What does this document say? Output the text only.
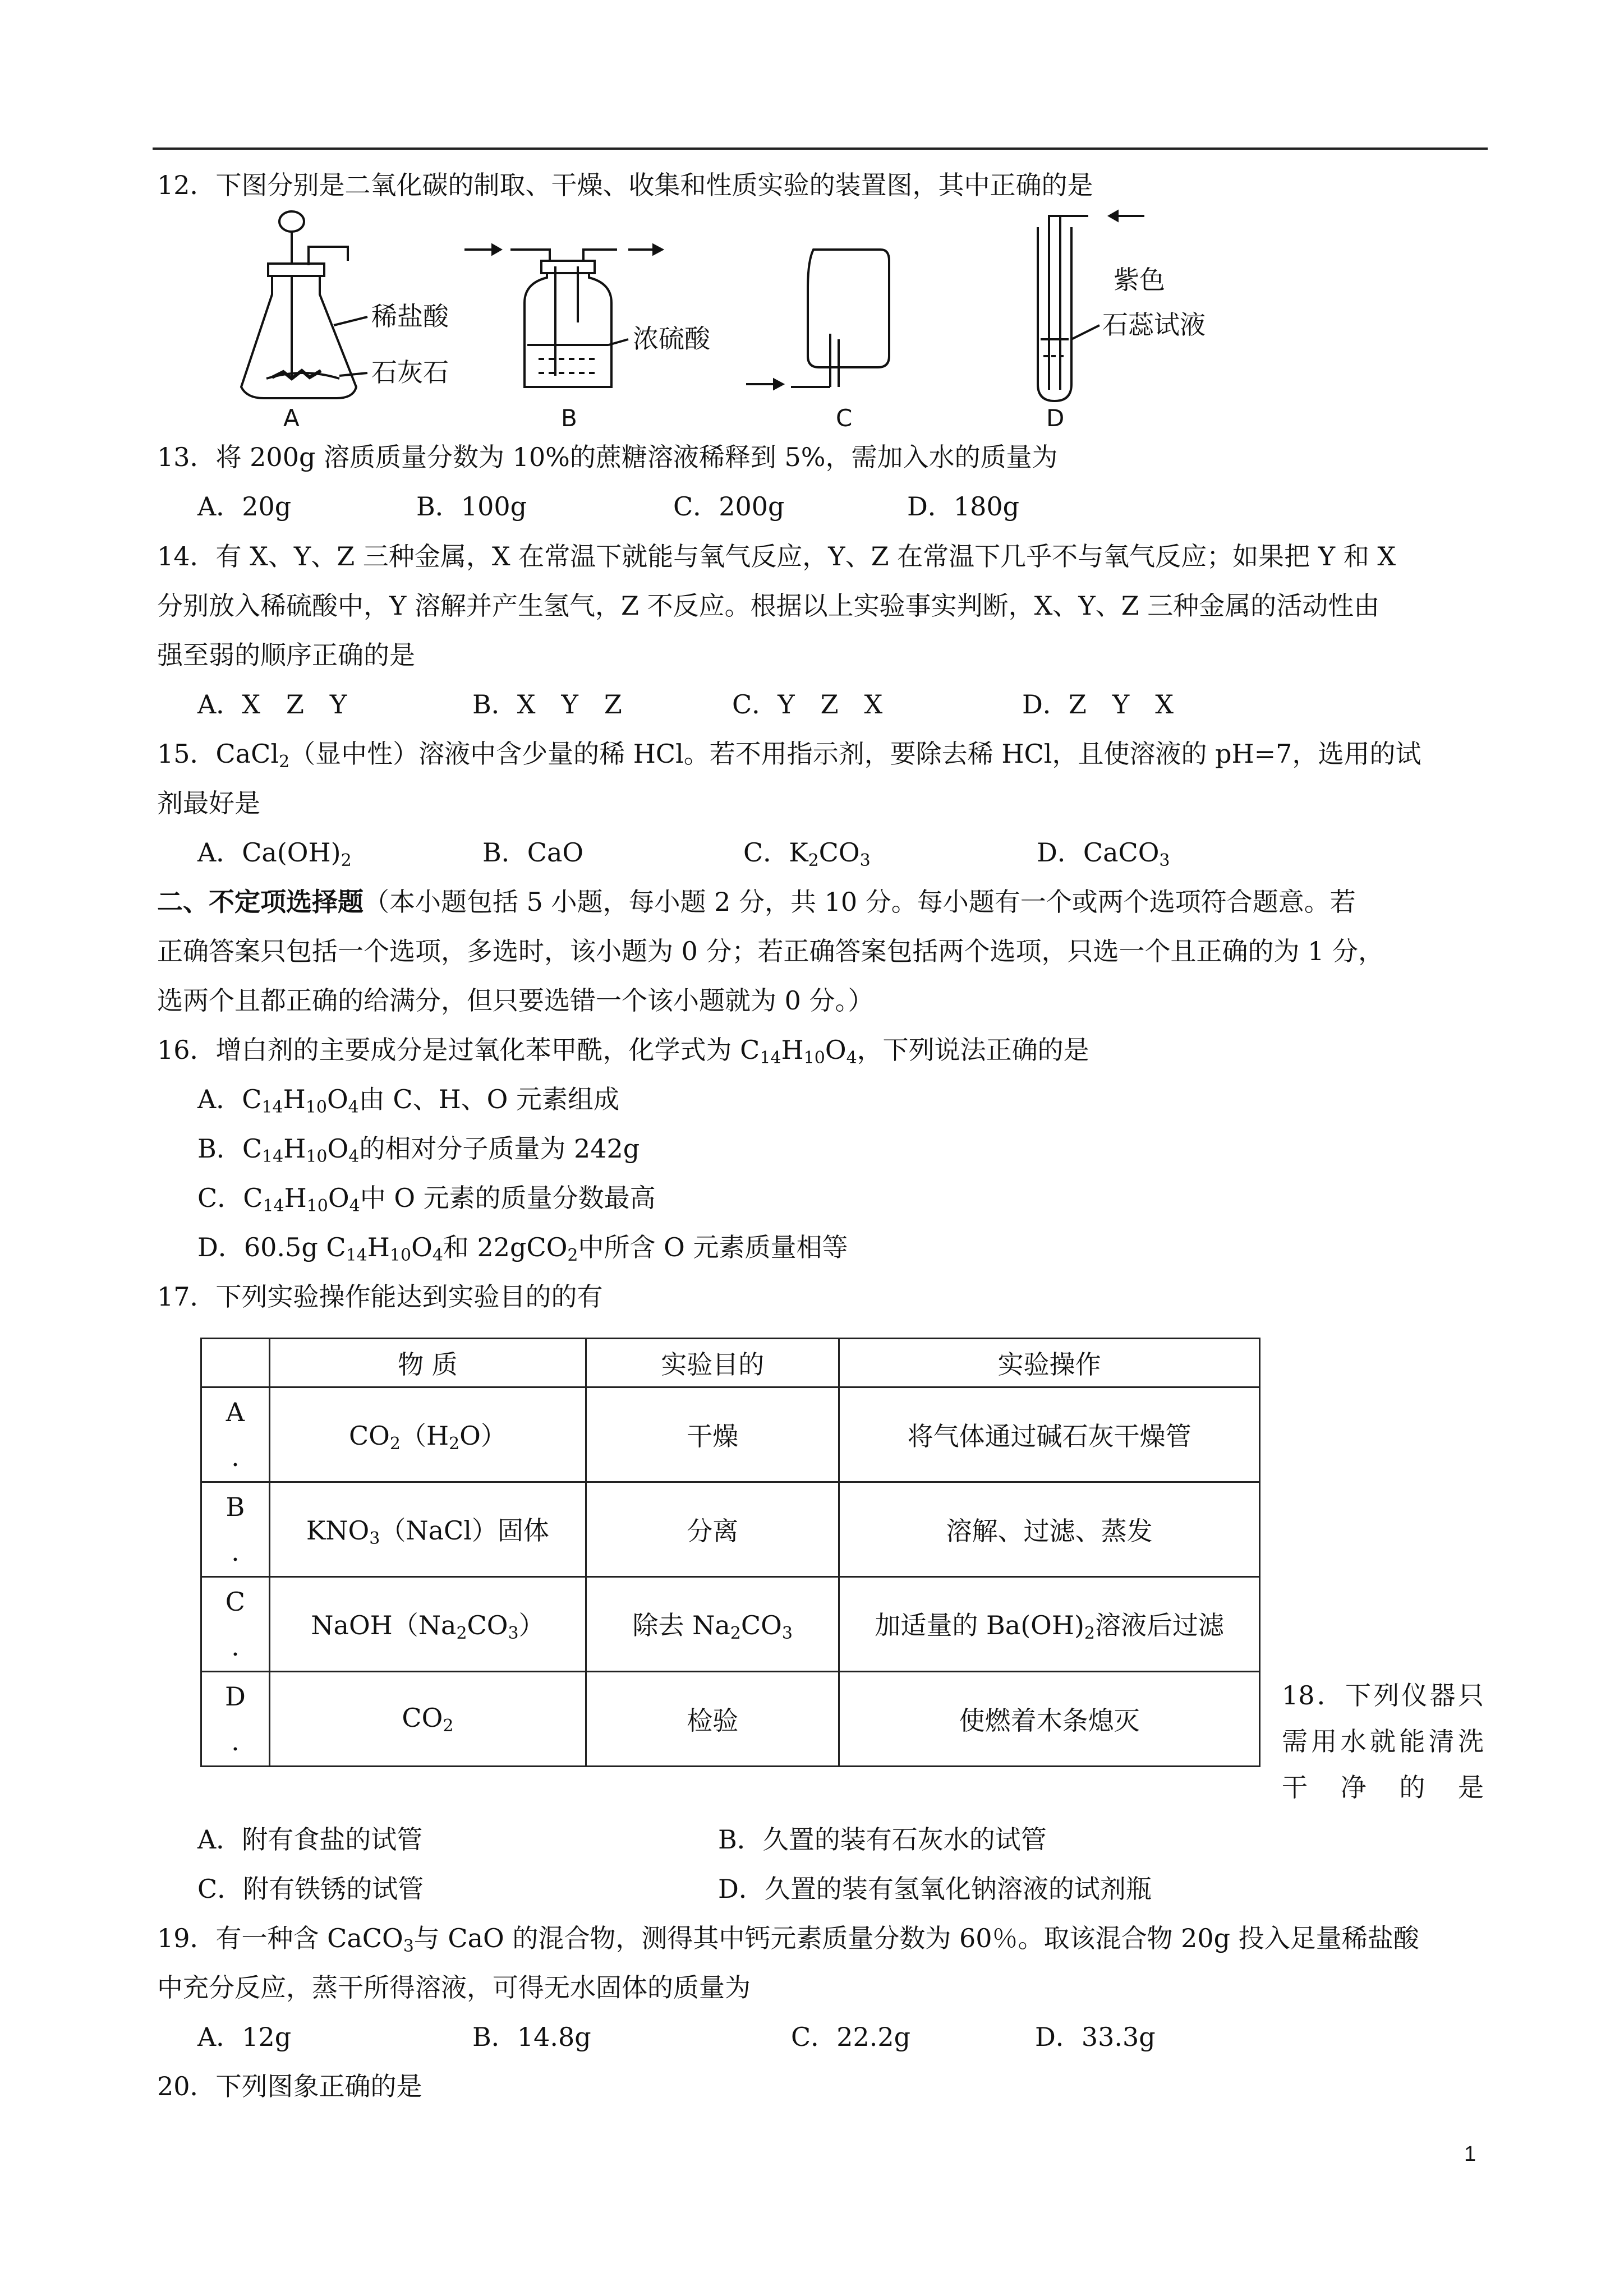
12．下图分别是二氧化碳的制取、干燥、收集和性质实验的装置图，其中正确的是
稀盐酸
石灰石
浓硫酸
紫色
石蕊试液
A	B	C	D
13．将 200g 溶质质量分数为 10%的蔗糖溶液稀释到 5%，需加入水的质量为
A．20g	B．100g	C．200g	D．180g
14．有 X、Y、Z 三种金属，X 在常温下就能与氧气反应，Y、Z 在常温下几乎不与氧气反应；如果把 Y 和 X
分别放入稀硫酸中，Y 溶解并产生氢气，Z 不反应。根据以上实验事实判断，X、Y、Z 三种金属的活动性由
强至弱的顺序正确的是
A．X　Z　Y	B．X　Y　Z	C．Y　Z　X	D．Z　Y　X
15．CaCl$_2$（显中性）溶液中含少量的稀 HCl。若不用指示剂，要除去稀 HCl，且使溶液的 pH=7，选用的试
剂最好是
A．$Ca(OH)_2$	B．CaO	C．$K_2CO_3$	D．CaCO$_3$
二、不定项选择题（本小题包括 5 小题，每小题 2 分，共 10 分。每小题有一个或两个选项符合题意。若
正确答案只包括一个选项，多选时，该小题为 0 分；若正确答案包括两个选项，只选一个且正确的为 1 分，
选两个且都正确的给满分，但只要选错一个该小题就为 0 分。）
16．增白剂的主要成分是过氧化苯甲酰，化学式为 $C_{14}H_{10}O_4$，下列说法正确的是
A．$C_{14}H_{10}O_4$由 C、H、O 元素组成
B．$C_{14}H_{10}O_4$的相对分子质量为 242g
C．$C_{14}H_{10}O_4$中 O 元素的质量分数最高
D．60.5g $C_{14}H_{10}O_4$和 22gCO$_2$中所含 O 元素质量相等
17．下列实验操作能达到实验目的的有
	物 质	实验目的	实验操作

A
.	$CO_2(H_2O)$	干燥	将气体通过碱石灰干燥管

B
.	$KNO_3(NaCl)$固体	分离	溶解、过滤、蒸发

C
.	$NaOH(Na_2CO_3)$	除去 $Na_2CO_3$	加适量的 $Ba(OH)_2$溶液后过滤

D
.	$CO_2$	检验	使燃着木条熄灭
18．下列仪器只需用水就能清洗干净的是
A．附有食盐的试管	B．久置的装有石灰水的试管
C．附有铁锈的试管	D．久置的装有氢氧化钠溶液的试剂瓶
19．有一种含 CaCO$_3$与 CaO 的混合物，测得其中钙元素质量分数为 60％。取该混合物 20g 投入足量稀盐酸
中充分反应，蒸干所得溶液，可得无水固体的质量为
A．12g	B．14.8g	C．22.2g	D．33.3g
20．下列图象正确的是
1
